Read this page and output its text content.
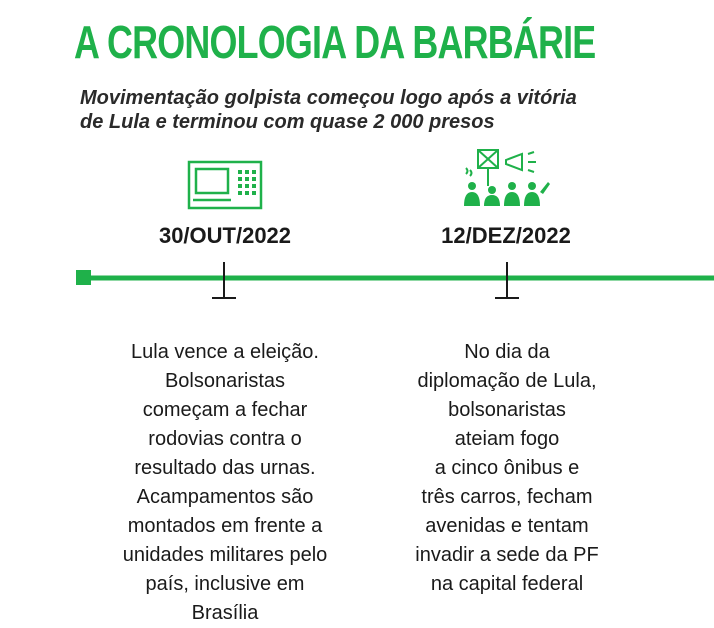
A CRONOLOGIA DA BARBÁRIE
Movimentação golpista começou logo após a vitória
de Lula e terminou com quase 2 000 presos
30/OUT/2022	12/DEZ/2022
Lula vence a eleição.
Bolsonaristas
começam a fechar
rodovias contra o
resultado das urnas.
Acampamentos são
montados em frente a
unidades militares pelo
país, inclusive em
Brasília
No dia da
diplomação de Lula,
bolsonaristas
ateiam fogo
a cinco ônibus e
três carros, fecham
avenidas e tentam
invadir a sede da PF
na capital federal
